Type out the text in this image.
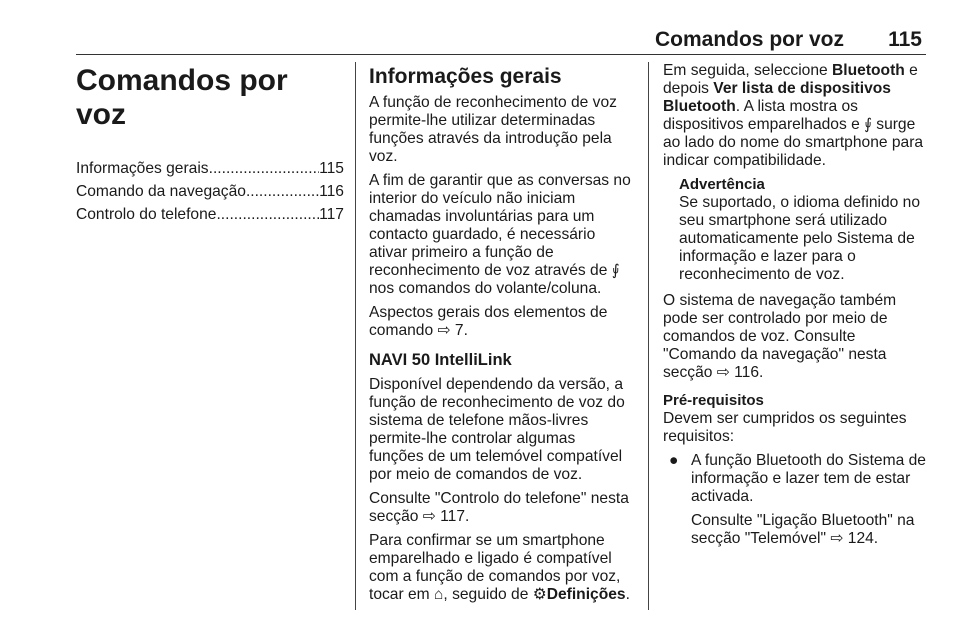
Comandos por voz 115
Comandos por voz
Informações gerais .....	115
Comando da navegação .....	116
Controlo do telefone .....	117
Informações gerais

A função de reconhecimento de voz permite-lhe utilizar determinadas funções através da introdução pela voz.

A fim de garantir que as conversas no interior do veículo não iniciam chamadas involuntárias para um contacto guardado, é necessário ativar primeiro a função de reconhecimento de voz através de ⨚ nos comandos do volante/coluna.

Aspectos gerais dos elementos de comando ⇨ 7.

NAVI 50 IntelliLink

Disponível dependendo da versão, a função de reconhecimento de voz do sistema de telefone mãos-livres permite-lhe controlar algumas funções de um telemóvel compatível por meio de comandos de voz.

Consulte "Controlo do telefone" nesta secção ⇨ 117.

Para confirmar se um smartphone emparelhado e ligado é compatível com a função de comandos por voz, tocar em ⌂, seguido de ⚙Definições.

Em seguida, seleccione Bluetooth e depois Ver lista de dispositivos Bluetooth. A lista mostra os dispositivos emparelhados e ⨚ surge ao lado do nome do smartphone para indicar compatibilidade.

Advertência
Se suportado, o idioma definido no seu smartphone será utilizado automaticamente pelo Sistema de informação e lazer para o reconhecimento de voz.

O sistema de navegação também pode ser controlado por meio de comandos de voz. Consulte "Comando da navegação" nesta secção ⇨ 116.

Pré-requisitos

Devem ser cumpridos os seguintes requisitos:

● A função Bluetooth do Sistema de informação e lazer tem de estar activada.

Consulte "Ligação Bluetooth" na secção "Telemóvel" ⇨ 124.
